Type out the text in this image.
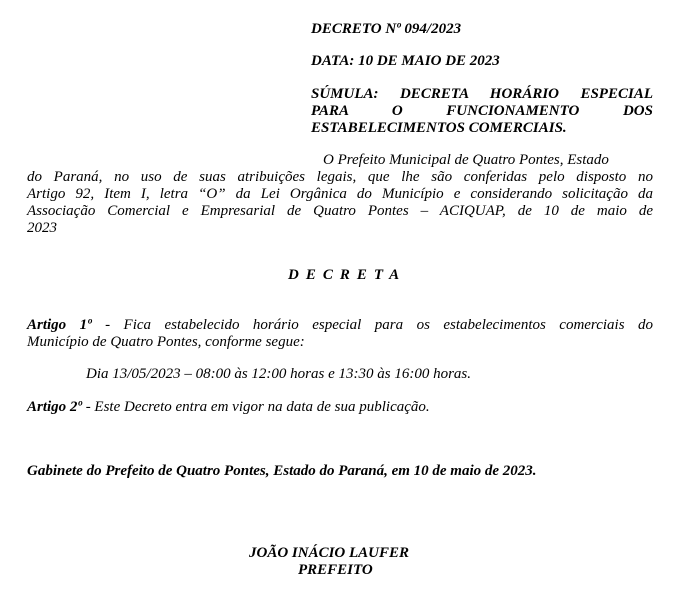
DECRETO Nº 094/2023
DATA: 10 DE MAIO DE 2023
SÚMULA: DECRETA HORÁRIO ESPECIAL
PARA O FUNCIONAMENTO DOS
ESTABELECIMENTOS COMERCIAIS.
O Prefeito Municipal de Quatro Pontes, Estado
do Paraná, no uso de suas atribuições legais, que lhe são conferidas pelo disposto no
Artigo 92, Item I, letra “O” da Lei Orgânica do Município e considerando solicitação da
Associação Comercial e Empresarial de Quatro Pontes – ACIQUAP, de 10 de maio de
2023
DECRETA
Artigo 1º - Fica estabelecido horário especial para os estabelecimentos comerciais do
Município de Quatro Pontes, conforme segue:
Dia 13/05/2023 – 08:00 às 12:00 horas e 13:30 às 16:00 horas.
Artigo 2º - Este Decreto entra em vigor na data de sua publicação.
Gabinete do Prefeito de Quatro Pontes, Estado do Paraná, em 10 de maio de 2023.
JOÃO INÁCIO LAUFER
PREFEITO
